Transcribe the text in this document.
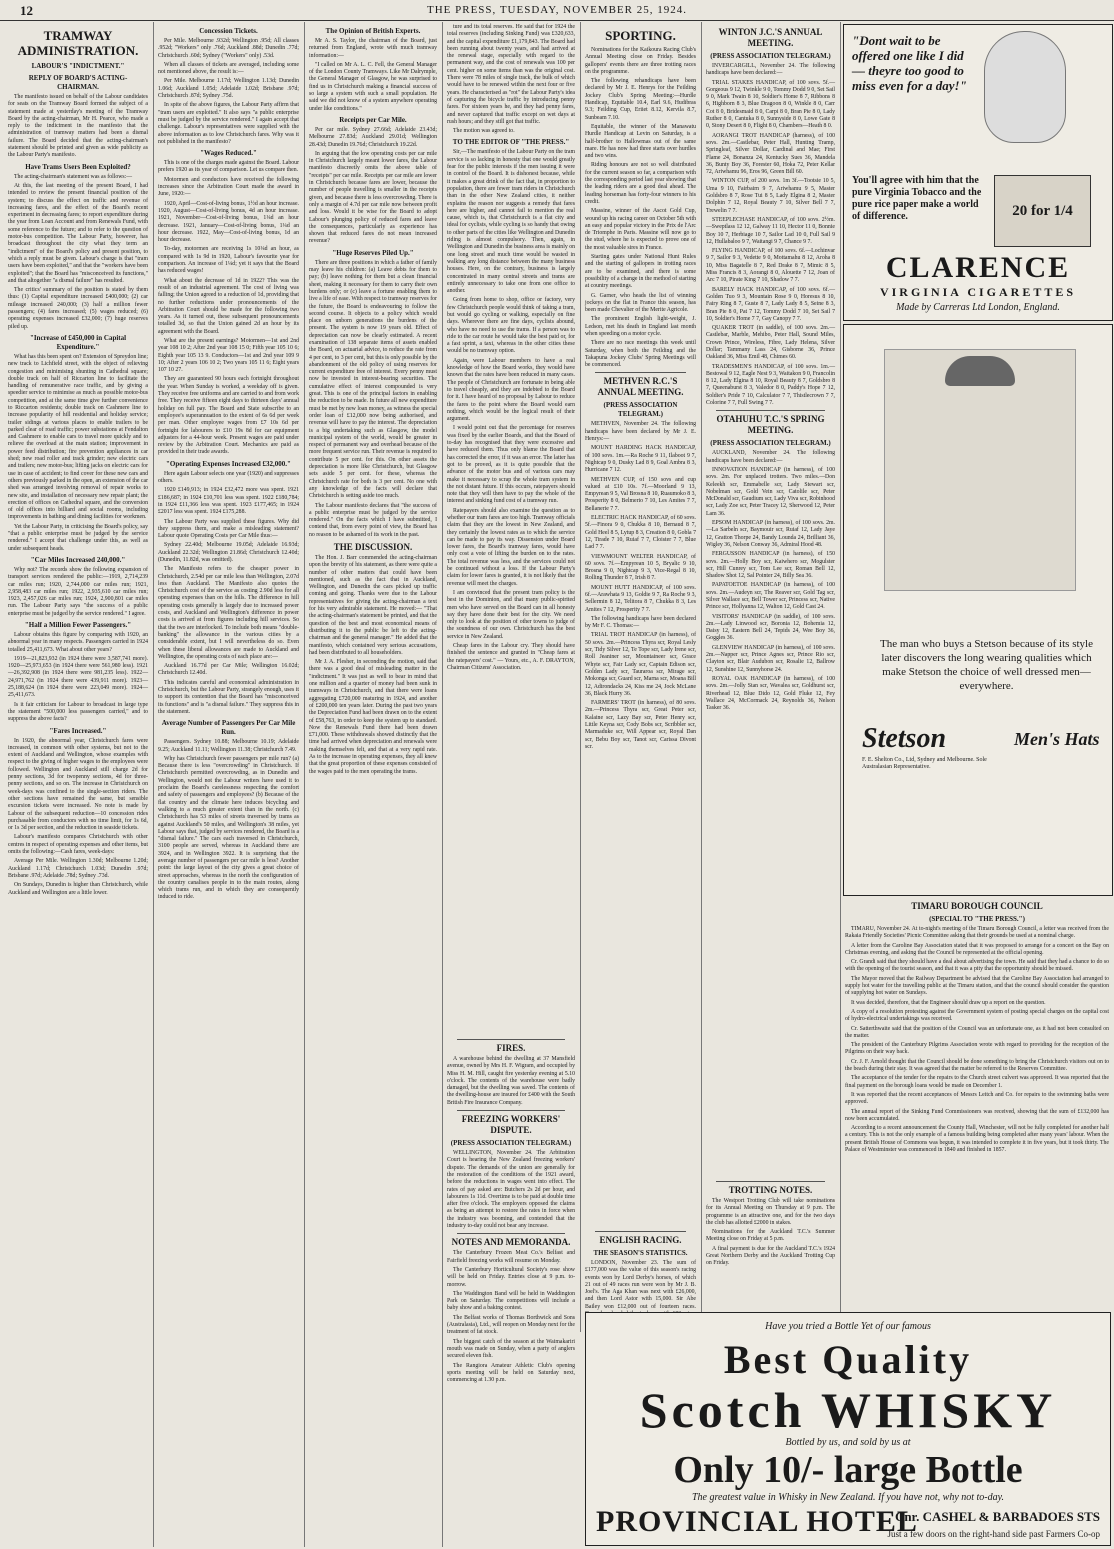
12	THE PRESS, TUESDAY, NOVEMBER 25, 1924.

TRAMWAY ADMINISTRATION.

LABOUR'S "INDICTMENT."

REPLY OF BOARD'S ACTING-CHAIRMAN.

The manifesto issued on behalf of the Labour candidates for seats on the Tramway Board formed the subject of a statement made at yesterday's meeting of the Tramway Board by the acting-chairman, Mr H. Pearce, who made a reply to the indictment in the manifesto that the administration of tramway matters had been a dismal failure. The Board decided that the acting-chairman's statement should be printed and given as wide publicity as the Labour Party's manifesto.

Have Trams Users Been Exploited?

The acting-chairman's statement was as follows:—

At this, the last meeting of the present Board, I had intended to review the present financial position of the system; to discuss the effect on traffic and revenue of increasing fares, and the effect of the Board's recent experiment in decreasing fares; to report expenditure during the year from Loan Account and from Renewals Fund, with some reference to the future; and to refer to the question of motor-bus competition. The Labour Party, however, has broadcast throughout the city what they term an "indictment" of the Board's policy and present position, to which a reply must be given. Labour's charge is that "tram users have been exploited," and that the "workers have been exploited"; that the Board has "misconceived its functions," and that altogether "a dismal failure" has resulted.

The critics' summary of the position is stated by them thus: (1) Capital expenditure increased £400,000; (2) car mileage increased 240,000; (3) half a million fewer passengers; (4) fares increased; (5) wages reduced; (6) operating expenses increased £32,000; (7) huge reserves piled up.

"Increase of £450,000 in Capital Expenditure."

What has this been spent on? Extension of Spreydon line; new track to Lichfield street, with the object of relieving congestion and minimising shunting in Cathedral square; double track on half of Riccarton line to facilitate the handling of remunerative race traffic, and by giving a speedier service to minimise as much as possible motor-bus competition, and at the same time give further convenience to Riccarton residents; double track on Cashmere line to increase popularity of hill residential and holiday service; trailer sidings at various places to enable trailers to be parked clear of road traffic; power substations at Fendalton and Cashmere to enable cars to travel more quickly and to relieve the overload at the main station; improvement in power feed distribution; fire prevention appliances in car shed; new road roller and track grinder; new electric cars and trailers; new motor-bus; lifting jacks on electric cars for use in case of accident; to find cover for these new cars and others previously parked in the open, an extension of the car shed was arranged involving removal of repair works to new site, and installation of necessary new repair plant; the erection of offices on Cathedral square, and the conversion of old offices into billiard and social rooms, including improvements in bathing and dining facilities for workmen.

Yet the Labour Party, in criticising the Board's policy, say "that a public enterprise must be judged by the service rendered." I accept that challenge under this, as well as under subsequent heads.

"Car Miles Increased 240,000."

Why not? The records show the following expansion of transport services rendered the public:—1919, 2,714,239 car miles run; 1920, 2,744,000 car miles run; 1921, 2,958,483 car miles run; 1922, 2,935,610 car miles run; 1923, 2,457,026 car miles run; 1924, 2,900,801 car miles run. The Labour Party says "the success of a public enterprise must be judged by the service rendered." I agree.

"Half a Million Fewer Passengers."

Labour obtains this figure by comparing with 1920, an abnormal year in many respects. Passengers carried in 1924 totalled 25,411,673. What about other years?

1919—21,823,932 (in 1924 there were 3,587,741 more). 1920—25,973,653 (in 1924 there were 561,980 less). 1921—26,392,908 (in 1924 there were 981,235 less). 1922—24,971,762 (in 1924 there were 439,911 more). 1923—25,188,624 (in 1924 there were 223,049 more). 1924—25,411,673.

Is it fair criticism for Labour to broadcast in large type the statement "500,000 less passengers carried," and to suppress the above facts?

"Fares Increased."

In 1920, the abnormal year, Christchurch fares were increased, in common with other systems, but not to the extent of Auckland and Wellington, whose examples with respect to the giving of higher wages to the employees were followed. Wellington and Auckland still charge 2d for penny sections, 3d for twopenny sections, 4d for three-penny sections, and so on. The increase in Christchurch on week-days was confined to the single-section riders. The other sections have remained the same, but sensible excursion tickets were increased. No note is made by Labour of the subsequent reduction—10 concession rides purchasable from conductors with no time limit, for 1s 6d, or 1s 3d per section, and the reduction in seaside tickets.

Labour's manifesto compares Christchurch with other centres in respect of operating expenses and other items, but omits the following:—Cash fares, week-days:

Average Per Mile. Wellington 1.30d; Melbourne 1.20d; Auckland 1.17d; Christchurch 1.03d; Dunedin .97d; Brisbane .97d; Adelaide .78d; Sydney .73d.

On Sundays, Dunedin is higher than Christchurch, while Auckland and Wellington are a little lower.

Concession Tickets.

Per Mile. Melbourne .932d; Wellington .95d; All classes .952d; "Workers" only .76d; Auckland .88d; Dunedin .77d; Christchurch .60d; Sydney ("Workers" only) .53d.

When all classes of tickets are averaged, including some not mentioned above, the result is:—

Per Mile. Melbourne 1.17d; Wellington 1.13d; Dunedin 1.06d; Auckland 1.05d; Adelaide 1.02d; Brisbane .97d; Christchurch .87d; Sydney .75d.

In spite of the above figures, the Labour Party affirm that "tram users are exploited." It also says "a public enterprise must be judged by the service rendered." I again accept that challenge. Labour's representatives were supplied with the above information as to low Christchurch fares. Why was it not published in the manifesto?

"Wages Reduced."

This is one of the charges made against the Board. Labour prefers 1920 as its year of comparison. Let us compare then.

Motormen and conductors have received the following increases since the Arbitration Court made the award in June, 1920:—

1920, April—Cost-of-living bonus, 1½d an hour increase. 1920, August—Cost-of-living bonus, 4d an hour increase. 1921, November—Cost-of-living bonus, 1¼d an hour decrease. 1921, January—Cost-of-living bonus, 1¼d an hour decrease. 1922, May—Cost-of-living bonus, 1d an hour decrease.

To-day, motormen are receiving 1s 10¼d an hour, as compared with 1s 9d in 1920, Labour's favourite year for comparison. An increase of 1¼d; yet it says that the Board has reduced wages!

What about the decrease of 1d in 1922? This was the result of an industrial agreement. The cost of living was falling; the Union agreed to a reduction of 1d, providing that no further reductions under pronouncements of the Arbitration Court should be made for the following two years. As it turned out, these subsequent pronouncements totalled 3d, so that the Union gained 2d an hour by its agreement with the Board.

What are the present earnings? Motormen—1st and 2nd year 108 10 2; After 2nd year 108 15 0; Fifth year 105 10 6; Eighth year 105 13 9. Conductors—1st and 2nd year 109 9 10; After 2 years 106 10 2; Two years 105 11 6; Eight years 107 10 27.

They are guaranteed 90 hours each fortnight throughout the year. When Sunday is worked, a weekday off is given. They receive free uniforms and are carried to and from work free. They receive fifteen eight days to thirteen days' annual holiday on full pay. The Board and State subscribe to an employee's superannuation to the extent of 6s 6d per week per man. Other employee wages from £7 10s 6d per fortnight for labourers to £10 19s 8d for car equipment adjusters for a 44-hour week. Present wages are paid under review by the Arbitration Court. Mechanics are paid as provided in their trade awards.

"Operating Expenses Increased £32,000."

Here again Labour selects one year (1920) and suppresses others.

1920 £149,913; in 1924 £32,472 more was spent. 1921 £186,687; in 1924 £10,701 less was spent. 1922 £180,784; in 1924 £11,366 less was spent. 1923 £177,465; in 1924 £2017 less was spent. 1924 £175,288.

The Labour Party was supplied these figures. Why did they suppress them, and make a misleading statement? Labour quote Operating Costs per Car Mile thus:—

Sydney 22.40d; Melbourne 19.05d; Adelaide 16.93d; Auckland 22.32d; Wellington 21.86d; Christchurch 12.40d; (Dunedin, 11.82d, was omitted).

The Manifesto refers to the cheaper power in Christchurch, 2.54d per car mile less than Wellington, 2.07d less than Auckland. The Manifesto also quotes the Christchurch cost of the service as costing 2.90d less for all operating expenses than on the hills. The difference in hill operating costs generally is largely due to increased power costs, and Auckland and Wellington's difference in power costs is arrived at from figures including hill services. So that the two are interlocked. To include both means "double-banking" the allowance in the various cities by a considerable extent, but I will nevertheless do so. Even when these liberal allowances are made to Auckland and Wellington, the operating costs of each place are:—

Auckland 16.77d per Car Mile; Wellington 16.02d; Christchurch 12.40d.

This indicates careful and economical administration in Christchurch, but the Labour Party, strangely enough, uses it to support its contention that the Board has "misconceived its functions" and is "a dismal failure." They suppress this in the statement.

Average Number of Passengers Per Car Mile Run.

Passengers. Sydney 10.88; Melbourne 10.19; Adelaide 9.25; Auckland 11.11; Wellington 11.38; Christchurch 7.49.

Why has Christchurch fewer passengers per mile run? (a) Because there is less "overcrowding" in Christchurch. If Christchurch permitted overcrowding, as in Dunedin and Wellington, would not the Labour writers have used it to proclaim the Board's carelessness respecting the comfort and safety of passengers and employees? (b) Because of the flat country and the climate here induces bicycling and walking to a much greater extent than in the north. (c) Christchurch has 53 miles of streets traversed by trams as against Auckland's 50 miles, and Wellington's 38 miles, yet Labour says that, judged by services rendered, the Board is a "dismal failure." The cars each traversed in Christchurch, 3100 people are served, whereas in Auckland there are 3924, and in Wellington 3922. It is surprising that the average number of passengers per car mile is less? Another point: the large layout of the city gives a great choice of street approaches, whereas in the north the configuration of the country canalises people in to the main routes, along which trams run, and in which they are consequently induced to ride.

The Opinion of British Experts.

Mr A. S. Taylor, the chairman of the Board, just returned from England, wrote with much tramway information:—

"I called on Mr A. L. C. Fell, the General Manager of the London County Tramways. Like Mr Dalrymple, the General Manager of Glasgow, he was surprised to find us in Christchurch making a financial success of so large a system with such a small population. He said we did not know of a system anywhere operating under like conditions."

Receipts per Car Mile.

Per car mile. Sydney 27.66d; Adelaide 23.43d; Melbourne 27.83d; Auckland 29.01d; Wellington 28.43d; Dunedin 19.76d; Christchurch 19.22d.

In arguing that the low operating costs per car mile in Christchurch largely meant lower fares, the Labour manifesto discreetly omits the above table of "receipts" per car mile. Receipts per car mile are lower in Christchurch because fares are lower, because the number of people travelling is smaller in the receipts given, and because there is less overcrowding. There is only a margin of 4.7d per car mile now between profit and loss. Would it be wise for the Board to adopt Labour's plunging policy of reduced fares and leave the consequences, particularly as experience has shown that reduced fares do not mean increased revenue?

"Huge Reserves Piled Up."

There are three positions in which a father of family may leave his children: (a) Leave debts for them to pay; (b) leave nothing for them but a clean financial sheet, making it necessary for them to carry their own burdens only; or (c) leave a fortune enabling them to live a life of ease. With respect to tramway reserves for the future, the Board is endeavouring to follow the second course. It objects to a policy which would place on unborn generations the burdens of the present. The system is now 19 years old. Effect of depreciation can now be clearly estimated. A recent examination of 138 separate items of assets enabled the Board, on actuarial advice, to reduce the rate from 4 per cent, to 3 per cent, but this is only possible by the abandonment of the old policy of using reserves for current expenditure free of interest. Every penny must now be invested in interest-bearing securities. The cumulative effect of interest compounded is very great. This is one of the principal factors in enabling the reduction to be made. In future all new expenditure must be met by new loan money, as witness the special order loan of £12,000 now being authorised, and revenue will have to pay the interest. The depreciation is a big undertaking such as Glasgow, the model municipal system of the world, would be greater in respect of permanent way and overhead because of the more frequent service run. Their revenue is required to contribute 5 per cent. for this. On other assets the depreciation is more like Christchurch, but Glasgow sets aside 5 per cent. for these, whereas the Christchurch rate for both is 3 per cent. No one with any knowledge of the facts will declare that Christchurch is setting aside too much.

The Labour manifesto declares that "the success of a public enterprise must be judged by the service rendered." On the facts which I have submitted, I contend that, from every point of view, the Board has no reason to be ashamed of its work in the past.

THE DISCUSSION.

The Hon. J. Barr commended the acting-chairman upon the brevity of his statement, as there were quite a number of other matters that could have been mentioned, such as the fact that in Auckland, Wellington, and Dunedin the cars picked up traffic coming and going. Thanks were due to the Labour representatives for giving the acting-chairman a text for his very admirable statement. He moved:— "That the acting-chairman's statement be printed, and that the question of the best and most economical means of distributing it to the public be left to the acting-chairman and the general manager." He added that the manifesto, which contained very serious accusations, had been distributed to all householders.

Mr J. A. Flesher, in seconding the motion, said that there was a good deal of misleading matter in the "indictment." It was just as well to bear in mind that one million and a quarter of money had been sunk in tramways in Christchurch, and that there were loans aggregating £720,000 maturing in 1924, and another of £200,000 ten years later. During the past two years the Depreciation Fund had been drawn on to the extent of £58,763, in order to keep the system up to standard. Now the Renewals Fund there had been drawn £71,000. These withdrawals showed distinctly that the time had arrived when depreciation and renewals were making themselves felt, and that at a very rapid rate. As to the increase in operating expenses, they all knew that the great proportion of these expenses consisted of the wages paid to the men operating the trams.

ture and its total reserves. He said that for 1924 the total reserves (including Sinking Fund) was £320,633, and the capital expenditure £1,179,843. The Board had been running about twenty years, and had arrived at the renewal stage, especially with regard to the permanent way, and the cost of renewals was 100 per cent. higher on some items than was the original cost. There were 78 miles of single track, the bulk of which would have to be renewed within the next four or five years. He characterised as "rot" the Labour Party's idea of capturing the bicycle traffic by introducing penny fares. For sixteen years he, and they had penny fares, and never captured that traffic except on wet days at rush hours; and they still got that traffic.

The motion was agreed to.

TO THE EDITOR OF "THE PRESS."

Sir,—The manifesto of the Labour Party on the tram service is so lacking in honesty that one would greatly fear for the public interests if the men issuing it were in control of the Board. It is dishonest because, while it makes a great drink of the fact that, in proportion to population, there are fewer tram riders in Christchurch than in the other New Zealand cities, it neither explains the reason nor suggests a remedy that fares here are higher, and cannot fail to mention the real cause, which is, that Christchurch is a flat city and ideal for cyclists, while cycling is so handy that owing to other parts of the cities like Wellington and Dunedin riding is almost compulsory. Then, again, in Wellington and Dunedin the business area is mainly on one long street and much time would be wasted in walking any long distance between the many business houses. Here, on the contrary, business is largely concentrated in many central streets and trams are entirely unnecessary to take one from one office to another.

Going from home to shop, office or factory, very few Christchurch people would think of taking a tram, but would go cycling or walking, especially on fine days. Wherever there are fine days, cyclists abound, who have no need to use the trams. If a person was to ride to the car route he would take the best paid or, for a fast sprint, a taxi, whereas in the other cities these would be no tramway option.

Again, were Labour members to have a real knowledge of how the Board works, they would have known that the rates have been reduced in many cases. The people of Christchurch are fortunate in being able to travel cheaply, and they are indebted to the Board for it. I have heard of no proposal by Labour to reduce the fares to the point where the Board would earn nothing, which would be the logical result of their argument.

I would point out that the percentage for reserves was fixed by the earlier Boards, and that the Board of to-day has recognised that they were excessive and have reduced them. Thus only blame the Board that has corrected the error, if it was an error. The latter has got to be proved, as it is quite possible that the advance of the motor bus and of various cars may make it necessary to scrap the whole tram system in the not distant future. If this occurs, ratepayers should note that they will then have to pay the whole of the interest and sinking fund cost of a tramway run.

Ratepayers should also examine the question as to whether our tram fares are too high. Tramway officials claim that they are the lowest in New Zealand, and they certainly the lowest rates as to which the service can be made to pay its way. Dissension under Board lower fares, the Board's tramway fares, would have only cost a vote of lifting the burden on to the rates. The total revenue was less, and the services could not be continued without a loss. If the Labour Party's claim for lower fares is granted, it is not likely that the revenue will meet the charges.

I am convinced that the present tram policy is the best in the Dominion, and that many public-spirited men who have served on the Board can in all honesty say they have done their best for the city. We need only to look at the position of other towns to judge of the soundness of our own. Christchurch has the best service in New Zealand.

Cheap fares in the Labour cry. They should have finished the sentence and granted in "Cheap fares at the ratepayers' cost." — Yours, etc., A. F. DRAYTON, Chairman Citizens' Association.

FIRES.

A warehouse behind the dwelling at 37 Mansfield avenue, owned by Mrs H. F. Wigram, and occupied by Miss H. M. Hill, caught fire yesterday evening at 5.10 o'clock. The contents of the warehouse were badly damaged, but the dwelling was saved. The contents of the dwelling-house are insured for £400 with the South British Fire Insurance Company.

FREEZING WORKERS' DISPUTE.

(PRESS ASSOCIATION TELEGRAM.)

WELLINGTON, November 24. The Arbitration Court is hearing the New Zealand freezing workers' dispute. The demands of the union are generally for the restoration of the conditions of the 1921 award, before the reductions in wages went into effect. The rates of pay asked are: Butchers 2s 2d per hour, and labourers 1s 11d. Overtime is to be paid at double time after five o'clock. The employers opposed the claims as being an attempt to restore the rates in force when the industry was booming, and contended that the industry to-day could not bear any increase.

NOTES AND MEMORANDA.

The Canterbury Frozen Meat Co.'s Belfast and Fairfield freezing works will resume on Monday.

The Canterbury Horticultural Society's rose show will be held on Friday. Entries close at 9 p.m. to-morrow.

The Waddington Band will be held in Waddington Park on Saturday. The competitions will include a baby show and a baking contest.

The Belfast works of Thomas Borthwick and Sons (Australasia), Ltd., will reopen on Monday next for the treatment of fat stock.

The biggest catch of the season at the Waimakariri mouth was made on Sunday, when a party of anglers secured eleven fish.

The Rangiora Amateur Athletic Club's opening sports meeting will be held on Saturday next, commencing at 1.30 p.m.

SPORTING.

Nominations for the Kaikoura Racing Club's Annual Meeting close on Friday. Besides gallopers' events there are three trotting races on the programme.

The following rehandicaps have been declared by Mr J. E. Henrys for the Feilding Jockey Club's Spring Meeting:—Hurdle Handicap, Equitable 10.4, Earl 9.6, Hudibras 9.3; Feilding Cup, Eriiet 8.12, Kervila 8.7, Sunbeam 7.10.

Equitable, the winner of the Manawatu Hurdle Handicap at Levin on Saturday, is a half-brother to Hallowmas out of the same mare. He has now had three starts over hurdles and two wins.

Riding honours are not so well distributed for the current season so far, a comparison with the corresponding period last year showing that the leading riders are a good deal ahead. The leading horseman has forty-four winners to his credit.

Massine, winner of the Ascot Gold Cup, wound up his racing career on October 5th with an easy and popular victory in the Prix de l'Arc de Triomphe in Paris. Massine will now go to the stud, where he is expected to prove one of the most valuable sires in France.

Starting gates under National Hunt Rules and the starting of gallopers in trotting races are to be examined, and there is some possibility of a change in the method of starting at country meetings.

G. Garner, who heads the list of winning jockeys on the flat in France this season, has been made Chevalier of the Merite Agricole.

The prominent English light-weight, J. Ledson, met his death in England last month when speeding on a motor cycle.

There are no race meetings this week until Saturday, when both the Feilding and the Takapuna Jockey Clubs' Spring Meetings will be commenced.

METHVEN R.C.'S ANNUAL MEETING.

(PRESS ASSOCIATION TELEGRAM.)

METHVEN, November 24. The following handicaps have been declared by Mr J. E. Henrys:—

MOUNT HARDING HACK HANDICAP, of 100 sovs. 1m.—Ra Roche 9 11, Ilaboot 9 7, Nightcap 9 0, Dusky Lad 8 9, Goal Ambra 8 3, Hurricane 7 12.

METHVEN CUP, of 150 sovs and cup valued at £10 10s. 7f.—Moorland 9 13, Empyrean 9 5, Val Brosna 8 10, Ruaumoko 8 3, Prosperity 8 0, Belmerio 7 10, Les Amites 7 7, Bellanerie 7 7.

ELECTRIC HACK HANDICAP, of 60 sovs. 5f.—Finora 9 0, Chukka 8 10, Bernaud 8 7, Gold Heel 8 5, Lytup 8 3, Creation 8 0, Gobla 7 12, Tirade 7 10, Ruiaf 7 7, Cloister 7 7, Blue Lad 7 7.

VIEWMOUNT WELTER HANDICAP, of 60 sovs. 7f.—Empyrean 10 5, Bryalic 9 10, Brosna 9 0, Nightcap 9 3, Vice-Regal 8 10, Rolling Thunder 8 7, Irish 8 7.

MOUNT HUTT HANDICAP, of 100 sovs. 6f.—Arawhata 9 13, Goldie 9 7, Ra Roche 9 3, Sellermin 8 12, Telitora 8 7, Chukka 8 3, Les Amites 7 12, Prosperity 7 7.

The following handicaps have been declared by Mr F. C. Thomas:—

TRIAL TROT HANDICAP (in harness), of 50 sovs. 2m.—Princess Thyra scr, Royal Lesly scr, Tidy Silver 12, Te Tope scr, Lady Irene scr, Roll Jeaniner scr, Mountaineer scr, Grace Whyte scr, Fair Lady scr, Captain Edison scr, Golden Lady scr, Tauraroa scr, Mirage scr, Mokonga scr, Guard scr, Marna scr, Moana Bill 12, Adirondacks 24, Kiss me 24, Jock McLane 36, Black Hurry 36.

FARMERS' TROT (in harness), of 80 sovs. 2m.—Princess Thyra scr, Great Peter scr, Kalaine scr, Lazy Bay scr, Peter Henry scr, Little Keyna scr, Cody Bobs scr, Scribbler scr, Marmaduke scr, Will Appear scr, Royal Dan scr, Bebu Boy scr, Tanot scr, Carissa Divont scr.

ENGLISH RACING.

THE SEASON'S STATISTICS.

LONDON, November 23. The sum of £177,000 was the value of this season's racing events won by Lord Derby's horses, of which 21 out of 49 races run were won by Mr J. B. Joel's. The Aga Khan was next with £26,000, and then Lord Astor with 15,000. Sir Abe Bailey won £12,000 out of fourteen races.

WINTON J.C.'S ANNUAL MEETING.

(PRESS ASSOCIATION TELEGRAM.)

INVERCARGILL, November 24. The following handicaps have been declared:—

TRIAL STAKES HANDICAP, of 100 sovs. 5f.—Gorgeous 9 12, Twinkle 9 0, Tommy Dodd 9 0, Set Sail 9 0, Mark Twain 8 10, Soldier's Home 8 7, Ribbons 8 6, Highborn 8 3, Blue Dragoon 8 0, Winkle 8 0, Carr Cot 8 0, Bridesmaid 8 0, Carpi 8 0, Bran Pie 8 0, Lady Ruther 8 0, Cantuka 8 0, Sunnyside 8 0, Lowe Gate 8 0, Stony Desert 8 0, Flight 8 0, Chambers—Heath 8 0.

AORANGI TROT HANDICAP (harness), of 100 sovs. 2m.—Castlebar, Peter Hall, Hunting Tramp, Springleaf, Silver Dollar, Cardinal and Mae; First Flame 24, Bonanza 24, Kentucky Sues 36, Mandela 36, Bunty Boy 36, Forester 60, Hoka 72, Peter Kellar 72, Ariwhamu 96, Eros 96, Green Bill 60.

WINTON CUP, of 200 sovs. 1m 3f.—Tootsie 10 5, Uma 9 10, Fairbairn 9 7, Ariwhamu 9 5, Master Goldsbro 8 7, Rose Tui 8 5, Lady Elgina 8 2, Master Dolphin 7 12, Royal Beauty 7 10, Silver Bell 7 7, Trewelin 7 7.

STEEPLECHASE HANDICAP, of 100 sovs. 2½m.—Sweptlass 12 12, Galway 11 10, Hector 11 0, Bonnie Boy 10 7, Herbiage 10 7, Sailor Lad 10 0, Full Sail 9 12, Hullabaloo 9 7, Waitangi 9 7, Chance 9 7.

FLYING HANDICAP, of 100 sovs. 6f.—Lochinvar 9 7, Sailor 9 3, Vedette 9 0, Mottamahu 8 12, Aroha 8 10, Miss Bagatelle 8 7, Red Drake 8 7, Mimic 8 5, Miss Francis 8 3, Aorangi 8 0, Alouette 7 12, Joan of Arc 7 10, Pirate King 7 10, Shadow 7 7.

BARELY HACK HANDICAP, of 100 sovs. 6f.—Golden Tuo 9 3, Mountain Rose 9 0, Horesus 8 10, Fairy Ring 8 7, Guste 8 7, Lady Lady 8 5, Seine 8 3, Bran Pie 8 0, Pat 7 12, Tommy Dodd 7 10, Set Sail 7 10, Soldier's Home 7 7, Gay Canopy 7 7.

QUAKER TROT (in saddle), of 100 sovs. 2m.—Castlebar, Marble, Mehibo, Peter Hall, Sound Miles, Crown Prince, Wireless, Fibre, Lady Helena, Silver Dollar; Tammany Lass 24, Gisborne 36, Prince Oakland 36, Miss Emil 48, Chimes 60.

TRADESMEN'S HANDICAP, of 100 sovs. 1m.—Bestowal 9 12, Eagle Nest 9 3, Waitakon 9 0, Francolin 8 12, Lady Elgina 8 10, Royal Beauty 8 7, Goldsbro 8 7, Queenaburst 8 3, Valedor 8 0, Paddy's Hope 7 12, Soldier's Pride 7 10, Calculator 7 7, Thistlecrown 7 7, Colorine 7 7, Full Swing 7 7.

OTAHUHU T.C.'S SPRING MEETING.

(PRESS ASSOCIATION TELEGRAM.)

AUCKLAND, November 24. The following handicaps have been declared:—

INNOVATION HANDICAP (in harness), of 100 sovs. 2m. For unplaced trotters. Two miles.—Don Keleekh scr, Emmabelle scr, Lady Stewart scr, Nobelman scr, Gold Vein scr, Catolile scr, Peter McDonald scr, Gaudium scr, Lady Viva scr, Robinhood scr, Lady Zoe scr, Peter Tracey 12, Sherwood 12, Peter Lam 36.

EPSOM HANDICAP (in harness), of 100 sovs. 2m.—La Sarbeln scr, Baymouir scr, Ruiaf 12, Lady Jaye 12, Gratton Thorpe 24, Bandy Lounda 24, Brilliant 36, Wigley 36, Nelson Conway 36, Admiral Hood 48.

FERGUSSON HANDICAP (in harness), of 150 sovs. 2m.—Holly Boy scr, Kaiwhero scr, Mogulster scr, Hill Cunrey scr, Tom Lee scr, Roman Bell 12, Shadow Shot 12, Sal Pointer 24, Billy Sea 36.

PAPATOETOE HANDICAP (in harness), of 100 sovs. 2m.—Audeyn scr, The Reaver scr, Gold Tag scr, Silver Wallace scr, Bell Tower scr, Princess scr, Native Prince scr, Hollyanna 12, Walton 12, Gold Cast 24.

VISITORS' HANDICAP (in saddle), of 100 sovs. 2m.—Lady Linwood scr, Boronia 12, Bohemia 12, Daisy 12, Eastern Bell 24, Tepids 24, Wee Boy 36, Goggles 36.

GLENVIEW HANDICAP (in harness), of 100 sovs. 2m.—Napper scr, Prince Agnes scr, Prince Rio scr, Clayton scr, Blair Audubon scr, Rosalie 12, Ballrow 12, Sunshine 12, Sunnyhorse 24.

ROYAL OAK HANDICAP (in harness), of 100 sovs. 2m.—Jolly Stan scr, Wavalea scr, Goldhurst scr, Riverhead 12, Blue Dido 12, Gold Fluke 12, Fey Wallace 24, McCormack 24, Reynolds 36, Nelson Tasker 36.

TROTTING NOTES.

The Westport Trotting Club will take nominations for its Annual Meeting on Thursday at 9 p.m. The programme is an attractive one, and for the two days the club has allotted £2000 in stakes.

Nominations for the Auckland T.C.'s Summer Meeting close on Friday at 5 p.m.

A final payment is due for the Auckland T.C.'s 1924 Great Northern Derby and the Auckland Trotting Cup on Friday.

TIMARU BOROUGH COUNCIL

(SPECIAL TO "THE PRESS.")

TIMARU, November 24. At to-night's meeting of the Timaru Borough Council, a letter was received from the Rakaia Friendly Societies' Picnic Committee asking that their grounds be used at a nominal charge.

A letter from the Caroline Bay Association stated that it was proposed to arrange for a concert on the Bay on Christmas evening, and asking that the Council be represented at the official opening.

Cr. Grandi said that they should have a deal about advertising the town. He said that they had a chance to do so with the opening of the tourist season, and that it was a pity that the opportunity should be missed.

The Mayor moved that the Railway Department be advised that the Caroline Bay Association had arranged to supply hot water for the travelling public at the Timaru station, and that the council should consider the question of supplying hot water on Sundays.

It was decided, therefore, that the Engineer should draw up a report on the question.

A copy of a resolution protesting against the Government system of posting special charges on the capital cost of hydro-electrical undertakings was received.

Cr. Satterthwaite said that the position of the Council was an unfortunate one, as it had not been consulted on the matter.

The president of the Canterbury Pilgrims Association wrote with regard to providing for the reception of the Pilgrims on their way back.

Cr. J. F. Arnold thought that the Council should be done something to bring the Christchurch visitors out on to the beach during their stay. It was agreed that the matter be referred to the Reserves Committee.

The acceptance of the tender for the repairs to the Church street culvert was approved. It was reported that the final payment on the borough loans would be made on December 1.

It was reported that the recent acceptances of Messrs Leitch and Co. for repairs to the swimming baths were approved.

The annual report of the Sinking Fund Commissioners was received, showing that the sum of £132,000 has now been accumulated.

According to a recent announcement the County Hall, Winchester, will not be fully completed for another half a century. This is not the only example of a famous building being completed after many years' labour. When the present British House of Commons was begun, it was intended to complete it in five years, but it took thirty. The Palace of Westminster was commenced in 1840 and finished in 1857.

"Dont wait to be offered one like I did — theyre too good to miss even for a day!"
You'll agree with him that the pure Virginia Tobacco and the pure rice paper make a world of difference.	20 for 1/4
CLARENCE
VIRGINIA CIGARETTES
Made by Carreras Ltd London, England.
The man who buys a Stetson because of its style later discovers the long wearing qualities which make Stetson the choice of well dressed men—everywhere.
Stetson	Men's Hats
F. E. Shelton Co., Ltd, Sydney and Melbourne. Sole Australasian Representative.
Have you tried a Bottle Yet of our famous
Best Quality
Scotch WHISKY
Bottled by us, and sold by us at
Only 10/- large Bottle
The greatest value in Whisky in New Zealand. If you have not, why not to-day.
PROVINCIAL HOTEL
Cnr. CASHEL & BARBADOES STS
Just a few doors on the right-hand side past Farmers Co-op
